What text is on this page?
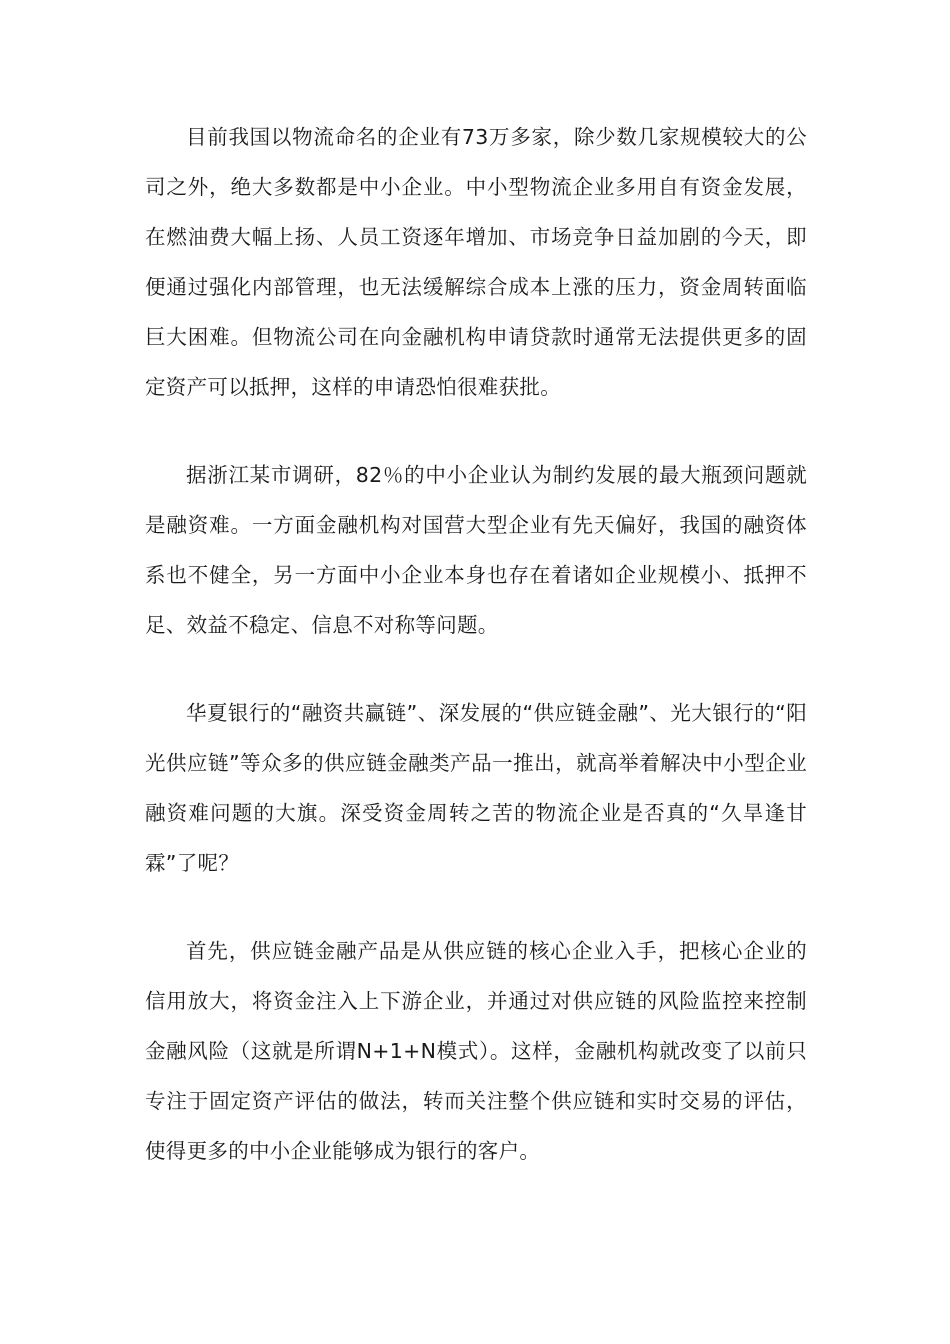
目前我国以物流命名的企业有73万多家，除少数几家规模较大的公司之外，绝大多数都是中小企业。中小型物流企业多用自有资金发展，在燃油费大幅上扬、人员工资逐年增加、市场竞争日益加剧的今天，即便通过强化内部管理，也无法缓解综合成本上涨的压力，资金周转面临巨大困难。但物流公司在向金融机构申请贷款时通常无法提供更多的固定资产可以抵押，这样的申请恐怕很难获批。

据浙江某市调研，82％的中小企业认为制约发展的最大瓶颈问题就是融资难。一方面金融机构对国营大型企业有先天偏好，我国的融资体系也不健全，另一方面中小企业本身也存在着诸如企业规模小、抵押不足、效益不稳定、信息不对称等问题。

华夏银行的“融资共赢链”、深发展的“供应链金融”、光大银行的“阳光供应链”等众多的供应链金融类产品一推出，就高举着解决中小型企业融资难问题的大旗。深受资金周转之苦的物流企业是否真的“久旱逢甘霖”了呢？

首先，供应链金融产品是从供应链的核心企业入手，把核心企业的信用放大，将资金注入上下游企业，并通过对供应链的风险监控来控制金融风险（这就是所谓N+1+N模式）。这样，金融机构就改变了以前只专注于固定资产评估的做法，转而关注整个供应链和实时交易的评估，使得更多的中小企业能够成为银行的客户。
